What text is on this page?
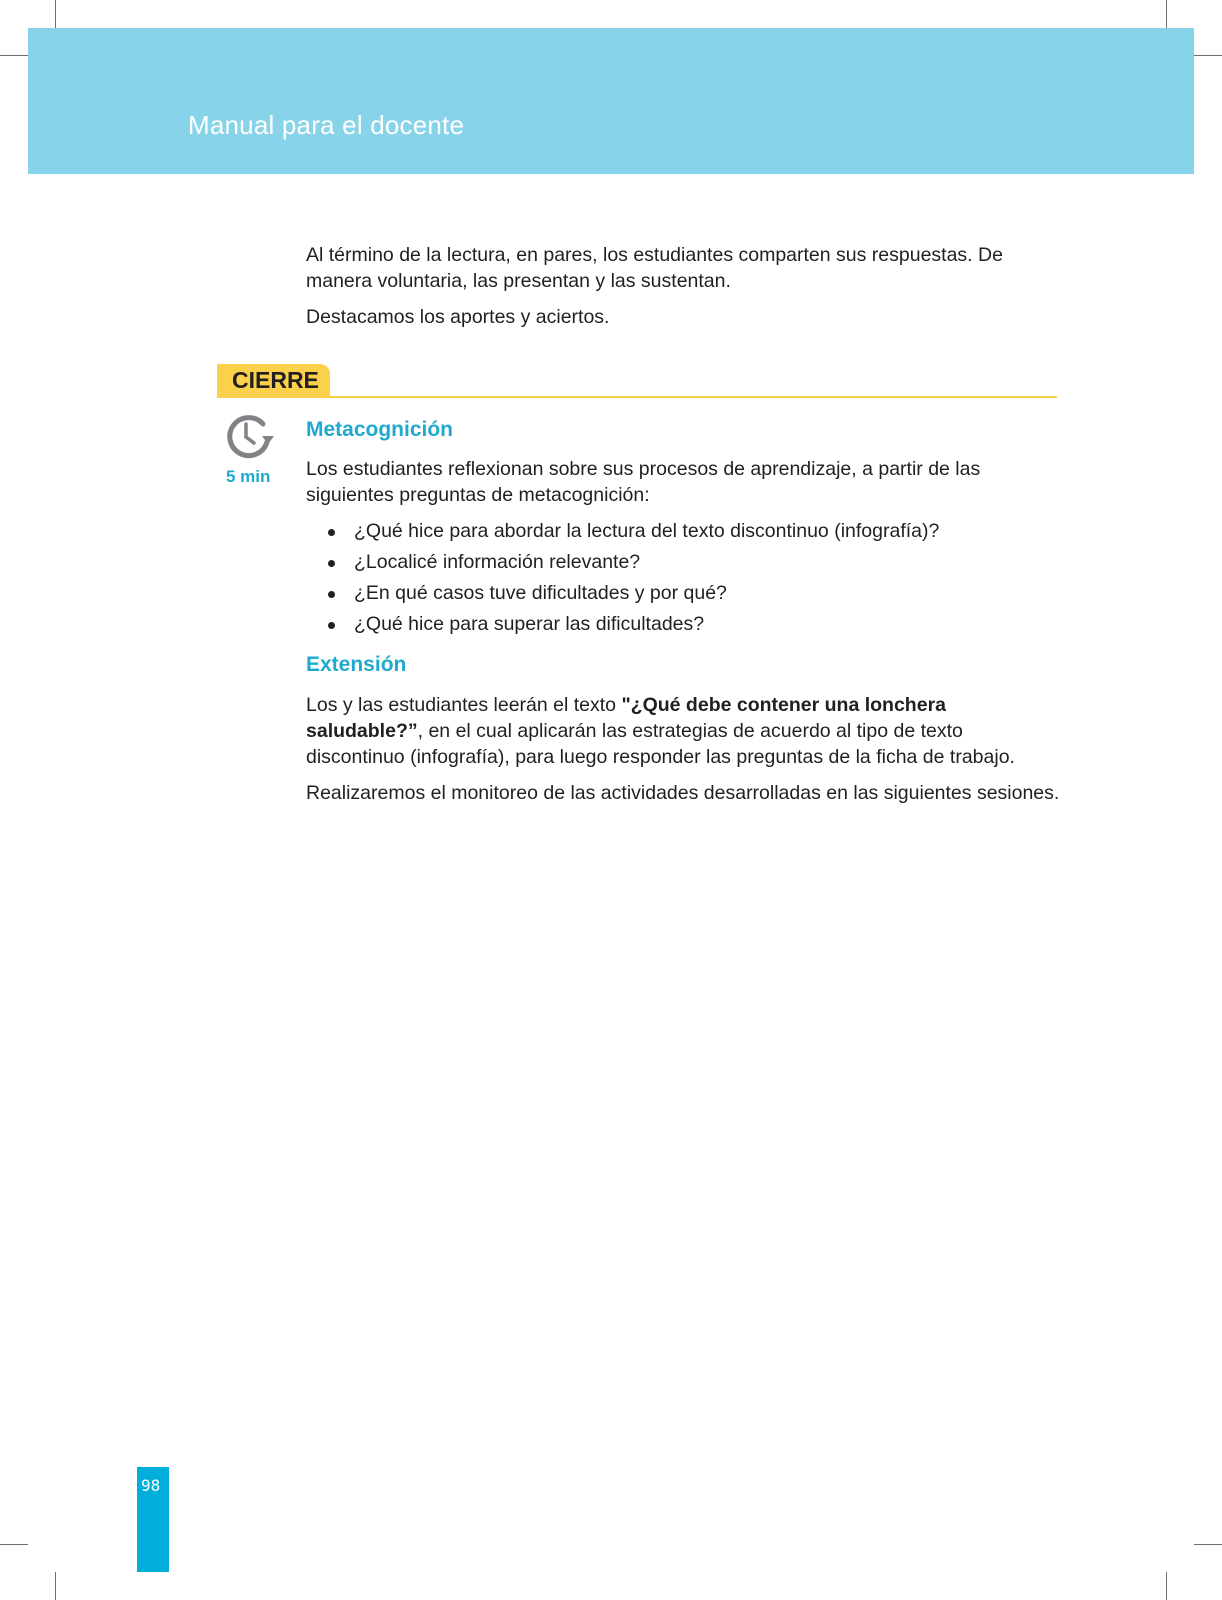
Manual para el docente

Al término de la lectura, en pares, los estudiantes comparten sus respuestas. De manera voluntaria, las presentan y las sustentan.

Destacamos los aportes y aciertos.

CIERRE
5 min
Metacognición

Los estudiantes reflexionan sobre sus procesos de aprendizaje, a partir de las siguientes preguntas de metacognición:

¿Qué hice para abordar la lectura del texto discontinuo (infografía)?
¿Localicé información relevante?
¿En qué casos tuve dificultades y por qué?
¿Qué hice para superar las dificultades?
Extensión

Los y las estudiantes leerán el texto "¿Qué debe contener una lonchera saludable?”, en el cual aplicarán las estrategias de acuerdo al tipo de texto discontinuo (infografía), para luego responder las preguntas de la ficha de trabajo.

Realizaremos el monitoreo de las actividades desarrolladas en las siguientes sesiones.

98
